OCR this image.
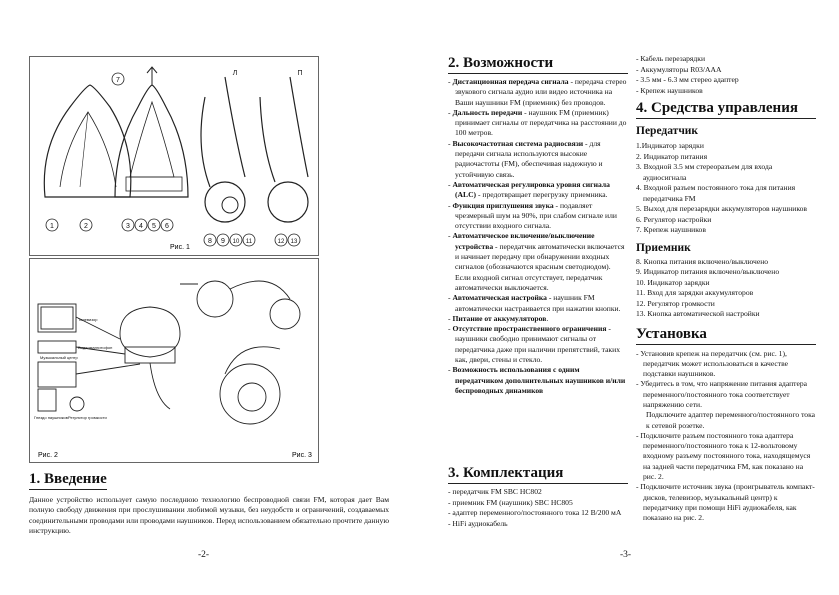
7
1	2	3 4 5 6
8 9 10 11	12 13
Л	П
Рис. 1
Телевизор
Видеомагнитофон
Музыкальный центр
Гнездо наушников Регулятор громкости
Рис. 2	Рис. 3
1. Введение

Данное устройство использует самую последнюю технологию беспроводной связи FM, которая дает Вам полную свободу движения при прослушивании любимой музыки, без неудобств и ограничений, создаваемых соединительными проводами или проводами наушников. Перед использованием обязательно прочтите данную инструкцию.

-2-
2. Возможности
- Дистанционная передача сигнала - передача стерео звукового сигнала аудио или видео источника на Ваши наушники FM (приемник) без проводов.
- Дальность передачи - наушник FM (приемник) принимает сигналы от передатчика на расстоянии до 100 метров.
- Высокочастотная система радиосвязи - для передачи сигнала используются высокие радиочастоты (FM), обеспечивая надежную и устойчивую связь.
- Автоматическая регулировка уровня сигнала (ALC) - предотвращает перегрузку приемника.
- Функция приглушения звука - подавляет чрезмерный шум на 90%, при слабом сигнале или отсутствии входного сигнала.
- Автоматическое включение/выключение устройства - передатчик автоматически включается и начинает передачу при обнаружении входных сигналов (обозначаются красным светодиодом). Если входной сигнал отсутствует, передатчик автоматически выключается.
- Автоматическая настройка - наушник FM автоматически настраивается при нажатии кнопки.
- Питание от аккумуляторов.
- Отсутствие пространственного ограничения - наушники свободно принимают сигналы от передатчика даже при наличии препятствий, таких как, двери, стены и стекло.
- Возможность использования с одним передатчиком дополнительных наушников и/или беспроводных динамиков
3. Комплектация
- передатчик FM SBC HC802
- приемник FM (наушник) SBC HC805
- адаптер переменного/постоянного тока 12 В/200 мА
- HiFi аудиокабель
-3-
- Кабель перезарядки
- Аккумуляторы R03/AAA
- 3.5 мм - 6.3 мм стерео адаптер
- Крепеж наушников
4. Средства управления
Передатчик
1.Индикатор зарядки
2. Индикатор питания
3. Входной 3.5 мм стереоразъем для входа аудиосигнала
4. Входной разъем постоянного тока для питания передатчика FM
5. Выход для перезарядки аккумуляторов наушников
6. Регулятор настройки
7. Крепеж наушников
Приемник
8. Кнопка питания включено/выключено
9. Индикатор питания включено/выключено
10. Индикатор зарядки
11. Вход для зарядки аккумуляторов
12. Регулятор громкости
13. Кнопка автоматической настройки
Установка
- Установив крепеж на передатчик (см. рис. 1), передатчик может использоваться в качестве подставки наушников.
- Убедитесь в том, что напряжение питания адаптера переменного/постоянного тока соответствует напряжению сети.
Подключите адаптер переменного/постоянного тока к сетевой розетке.
- Подключите разъем постоянного тока адаптера переменного/постоянного тока к 12-вольтовому входному разъему постоянного тока, находящемуся на задней части передатчика FM, как показано на рис. 2.
- Подключите источник звука (проигрыватель компакт-дисков, телевизор, музыкальный центр) к передатчику при помощи HiFi аудиокабеля, как показано на рис. 2.
